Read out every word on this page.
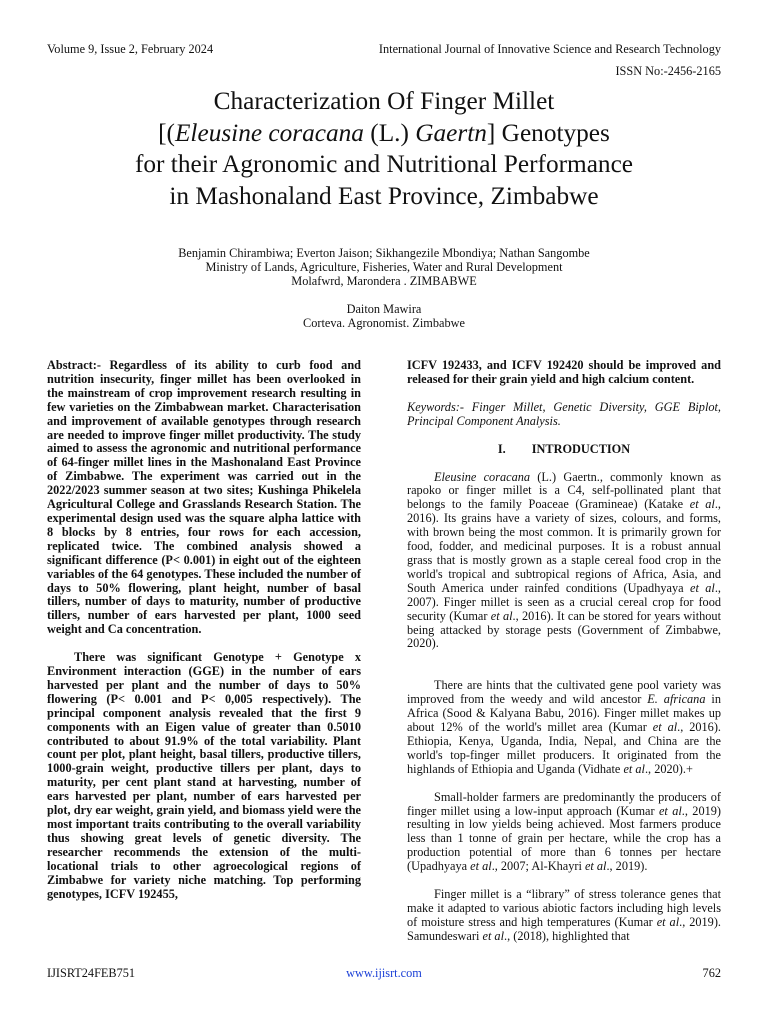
Volume 9, Issue 2, February 2024	International Journal of Innovative Science and Research Technology
ISSN No:-2456-2165
Characterization Of Finger Millet
[(Eleusine coracana (L.) Gaertn] Genotypes
for their Agronomic and Nutritional Performance
in Mashonaland East Province, Zimbabwe
Benjamin Chirambiwa; Everton Jaison; Sikhangezile Mbondiya; Nathan Sangombe
Ministry of Lands, Agriculture, Fisheries, Water and Rural Development
Molafwrd, Marondera . ZIMBABWE
Daiton Mawira
Corteva. Agronomist. Zimbabwe

Abstract:- Regardless of its ability to curb food and nutrition insecurity, finger millet has been overlooked in the mainstream of crop improvement research resulting in few varieties on the Zimbabwean market. Characterisation and improvement of available genotypes through research are needed to improve finger millet productivity. The study aimed to assess the agronomic and nutritional performance of 64-finger millet lines in the Mashonaland East Province of Zimbabwe. The experiment was carried out in the 2022/2023 summer season at two sites; Kushinga Phikelela Agricultural College and Grasslands Research Station. The experimental design used was the square alpha lattice with 8 blocks by 8 entries, four rows for each accession, replicated twice. The combined analysis showed a significant difference (P< 0.001) in eight out of the eighteen variables of the 64 genotypes. These included the number of days to 50% flowering, plant height, number of basal tillers, number of days to maturity, number of productive tillers, number of ears harvested per plant, 1000 seed weight and Ca concentration.

There was significant Genotype + Genotype x Environment interaction (GGE) in the number of ears harvested per plant and the number of days to 50% flowering (P< 0.001 and P< 0,005 respectively). The principal component analysis revealed that the first 9 components with an Eigen value of greater than 0.5010 contributed to about 91.9% of the total variability. Plant count per plot, plant height, basal tillers, productive tillers, 1000-grain weight, productive tillers per plant, days to maturity, per cent plant stand at harvesting, number of ears harvested per plant, number of ears harvested per plot, dry ear weight, grain yield, and biomass yield were the most important traits contributing to the overall variability thus showing great levels of genetic diversity. The researcher recommends the extension of the multi-locational trials to other agroecological regions of Zimbabwe for variety niche matching. Top performing genotypes, ICFV 192455,

ICFV 192433, and ICFV 192420 should be improved and released for their grain yield and high calcium content.

Keywords:- Finger Millet, Genetic Diversity, GGE Biplot, Principal Component Analysis.

I. INTRODUCTION

Eleusine coracana (L.) Gaertn., commonly known as rapoko or finger millet is a C4, self-pollinated plant that belongs to the family Poaceae (Gramineae) (Katake et al., 2016). Its grains have a variety of sizes, colours, and forms, with brown being the most common. It is primarily grown for food, fodder, and medicinal purposes. It is a robust annual grass that is mostly grown as a staple cereal food crop in the world's tropical and subtropical regions of Africa, Asia, and South America under rainfed conditions (Upadhyaya et al., 2007). Finger millet is seen as a crucial cereal crop for food security (Kumar et al., 2016). It can be stored for years without being attacked by storage pests (Government of Zimbabwe, 2020).

There are hints that the cultivated gene pool variety was improved from the weedy and wild ancestor E. africana in Africa (Sood & Kalyana Babu, 2016). Finger millet makes up about 12% of the world's millet area (Kumar et al., 2016). Ethiopia, Kenya, Uganda, India, Nepal, and China are the world's top-finger millet producers. It originated from the highlands of Ethiopia and Uganda (Vidhate et al., 2020).+

Small-holder farmers are predominantly the producers of finger millet using a low-input approach (Kumar et al., 2019) resulting in low yields being achieved. Most farmers produce less than 1 tonne of grain per hectare, while the crop has a production potential of more than 6 tonnes per hectare (Upadhyaya et al., 2007; Al-Khayri et al., 2019).

Finger millet is a “library” of stress tolerance genes that make it adapted to various abiotic factors including high levels of moisture stress and high temperatures (Kumar et al., 2019). Samundeswari et al., (2018), highlighted that

IJISRT24FEB751	www.ijisrt.com	762
